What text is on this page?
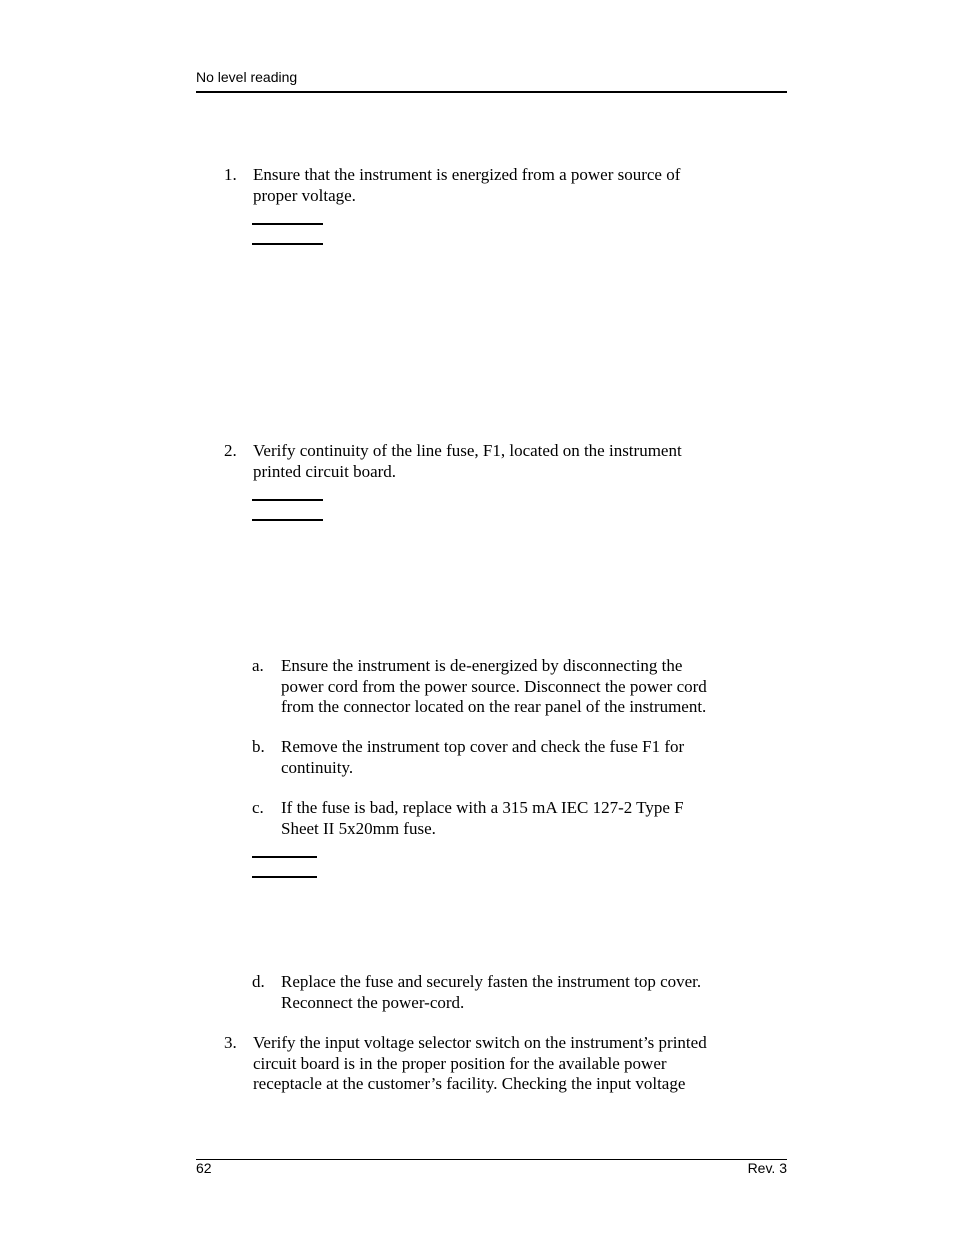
No level reading
1. Ensure that the instrument is energized from a power source of
proper voltage.
2. Verify continuity of the line fuse, F1, located on the instrument
printed circuit board.
a. Ensure the instrument is de-energized by disconnecting the
power cord from the power source. Disconnect the power cord
from the connector located on the rear panel of the instrument.
b. Remove the instrument top cover and check the fuse F1 for
continuity.
c. If the fuse is bad, replace with a 315 mA IEC 127-2 Type F
Sheet II 5x20mm fuse.
d. Replace the fuse and securely fasten the instrument top cover.
Reconnect the power-cord.
3. Verify the input voltage selector switch on the instrument’s printed
circuit board is in the proper position for the available power
receptacle at the customer’s facility. Checking the input voltage
62	Rev. 3
